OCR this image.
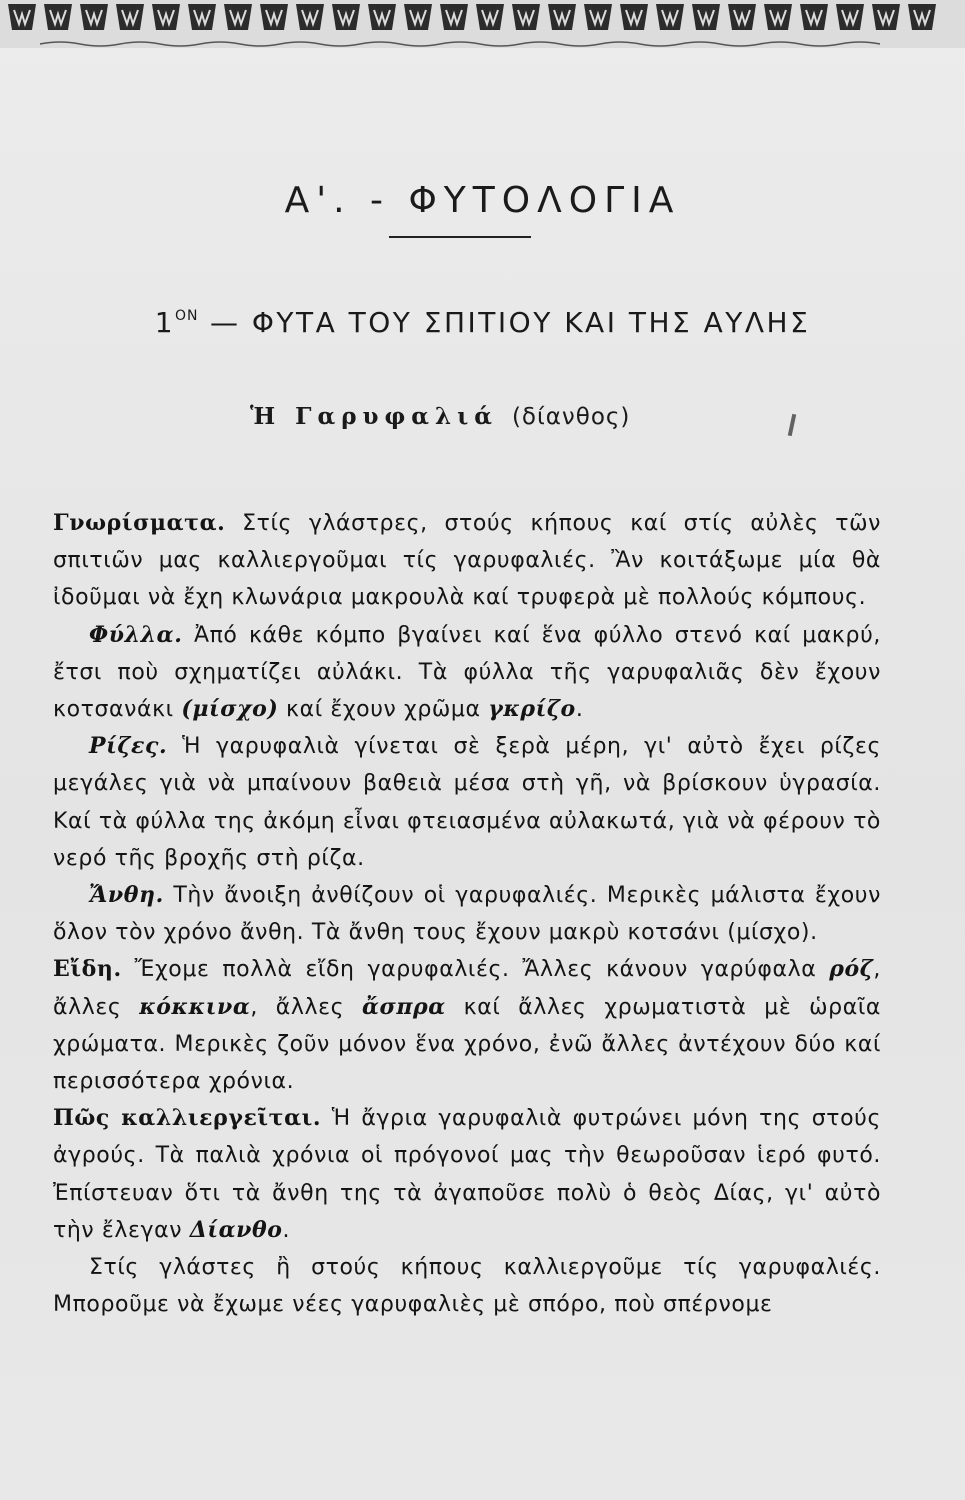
Α'. - ΦΥΤΟΛΟΓΙΑ
$1^{ON}$ — ΦΥΤΑ ΤΟΥ ΣΠΙΤΙΟΥ ΚΑΙ ΤΗΣ ΑΥΛΗΣ
Ἡ Γαρυφαλιά (δίανθος)

Γνωρίσματα. Στίς γλάστρες, στούς κήπους καί στίς αὐλὲς τῶν σπιτιῶν μας καλλιεργοῦμαι τίς γαρυφαλιές. Ἂν κοιτάξωμε μία θὰ ἰδοῦμαι νὰ ἔχη κλωνάρια μακρουλὰ καί τρυφερὰ μὲ πολλούς κόμπους.

Φύλλα. Ἀπό κάθε κόμπο βγαίνει καί ἕνα φύλλο στενό καί μακρύ, ἔτσι ποὺ σχηματίζει αὐλάκι. Τὰ φύλλα τῆς γαρυφαλιᾶς δὲν ἔχουν κοτσανάκι (μίσχο) καί ἔχουν χρῶμα γκρίζο.

Ρίζες. Ἡ γαρυφαλιὰ γίνεται σὲ ξερὰ μέρη, γι' αὐτὸ ἔχει ρίζες μεγάλες γιὰ νὰ μπαίνουν βαθειὰ μέσα στὴ γῆ, νὰ βρίσκουν ὑγρασία. Καί τὰ φύλλα της ἀκόμη εἶναι φτειασμένα αὐλακωτά, γιὰ νὰ φέρουν τὸ νερό τῆς βροχῆς στὴ ρίζα.

Ἄνθη. Τὴν ἄνοιξη ἀνθίζουν οἱ γαρυφαλιές. Μερικὲς μάλιστα ἔχουν ὅλον τὸν χρόνο ἄνθη. Τὰ ἄνθη τους ἔχουν μακρὺ κοτσάνι (μίσχο).

Εἴδη. Ἔχομε πολλὰ εἴδη γαρυφαλιές. Ἄλλες κάνουν γαρύφαλα ρόζ, ἄλλες κόκκινα, ἄλλες ἄσπρα καί ἄλλες χρωματιστὰ μὲ ὡραῖα χρώματα. Μερικὲς ζοῦν μόνον ἕνα χρόνο, ἐνῶ ἄλλες ἀντέχουν δύο καί περισσότερα χρόνια.

Πῶς καλλιεργεῖται. Ἡ ἄγρια γαρυφαλιὰ φυτρώνει μόνη της στούς ἀγρούς. Τὰ παλιὰ χρόνια οἱ πρόγονοί μας τὴν θεωροῦσαν ἱερό φυτό. Ἐπίστευαν ὅτι τὰ ἄνθη της τὰ ἀγαποῦσε πολὺ ὁ θεὸς Δίας, γι' αὐτὸ τὴν ἔλεγαν Δίανθο.

Στίς γλάστες ἢ στούς κήπους καλλιεργοῦμε τίς γαρυφαλιές. Μποροῦμε νὰ ἔχωμε νέες γαρυφαλιὲς μὲ σπόρο, ποὺ σπέρνομε
